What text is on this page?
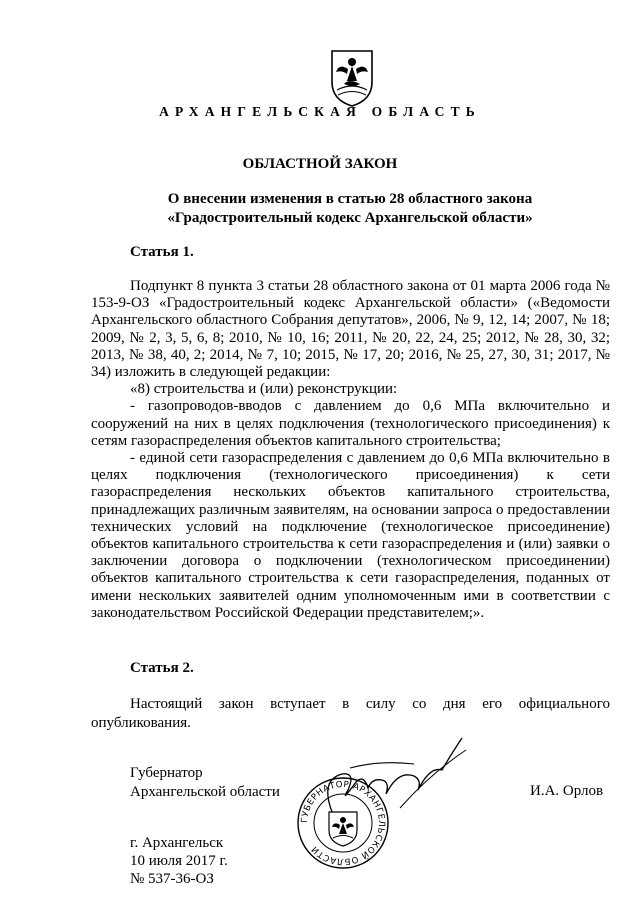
АРХАНГЕЛЬСКАЯ ОБЛАСТЬ
ОБЛАСТНОЙ ЗАКОН
О внесении изменения в статью 28 областного закона
«Градостроительный кодекс Архангельской области»
Статья 1.

Подпункт 8 пункта 3 статьи 28 областного закона от 01 марта 2006 года № 153-9-ОЗ «Градостроительный кодекс Архангельской области» («Ведомости Архангельского областного Собрания депутатов», 2006, № 9, 12, 14; 2007, № 18; 2009, № 2, 3, 5, 6, 8; 2010, № 10, 16; 2011, № 20, 22, 24, 25; 2012, № 28, 30, 32; 2013, № 38, 40, 2; 2014, № 7, 10; 2015, № 17, 20; 2016, № 25, 27, 30, 31; 2017, № 34) изложить в следующей редакции:

«8) строительства и (или) реконструкции:

- газопроводов-вводов с давлением до 0,6 МПа включительно и сооружений на них в целях подключения (технологического присоединения) к сетям газораспределения объектов капитального строительства;

- единой сети газораспределения с давлением до 0,6 МПа включительно в целях подключения (технологического присоединения) к сети газораспределения нескольких объектов капитального строительства, принадлежащих различным заявителям, на основании запроса о предоставлении технических условий на подключение (технологическое присоединение) объектов капитального строительства к сети газораспределения и (или) заявки о заключении договора о подключении (технологическом присоединении) объектов капитального строительства к сети газораспределения, поданных от имени нескольких заявителей одним уполномоченным ими в соответствии с законодательством Российской Федерации представителем;».

Статья 2.

Настоящий закон вступает в силу со дня его официального опубликования.

Губернатор
Архангельской области	И.А. Орлов
ГУБЕРНАТОР АРХАНГЕЛЬСКОЙ ОБЛАСТИ
г. Архангельск
10 июля 2017 г.
№ 537-36-ОЗ
